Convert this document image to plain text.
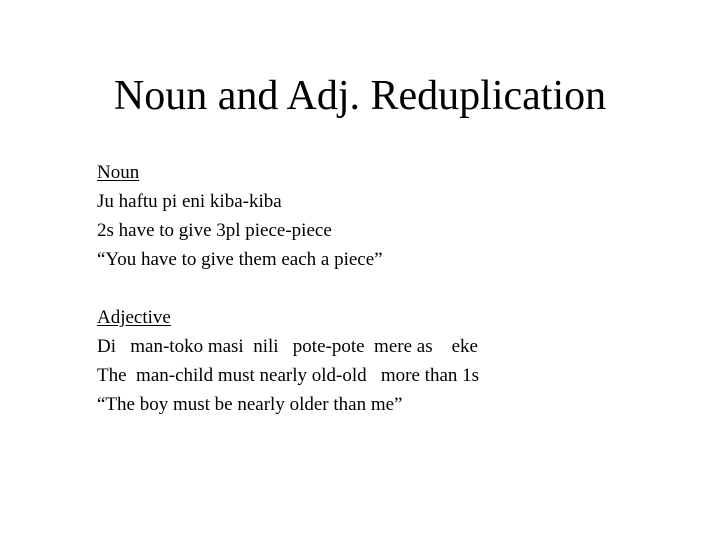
Noun and Adj. Reduplication
Noun
Ju haftu pi eni kiba-kiba
2s have to give 3pl piece-piece
“You have to give them each a piece”
Adjective
Di   man-toko masi  nili   pote-pote  mere as    eke
The  man-child must nearly old-old   more than 1s
“The boy must be nearly older than me”
